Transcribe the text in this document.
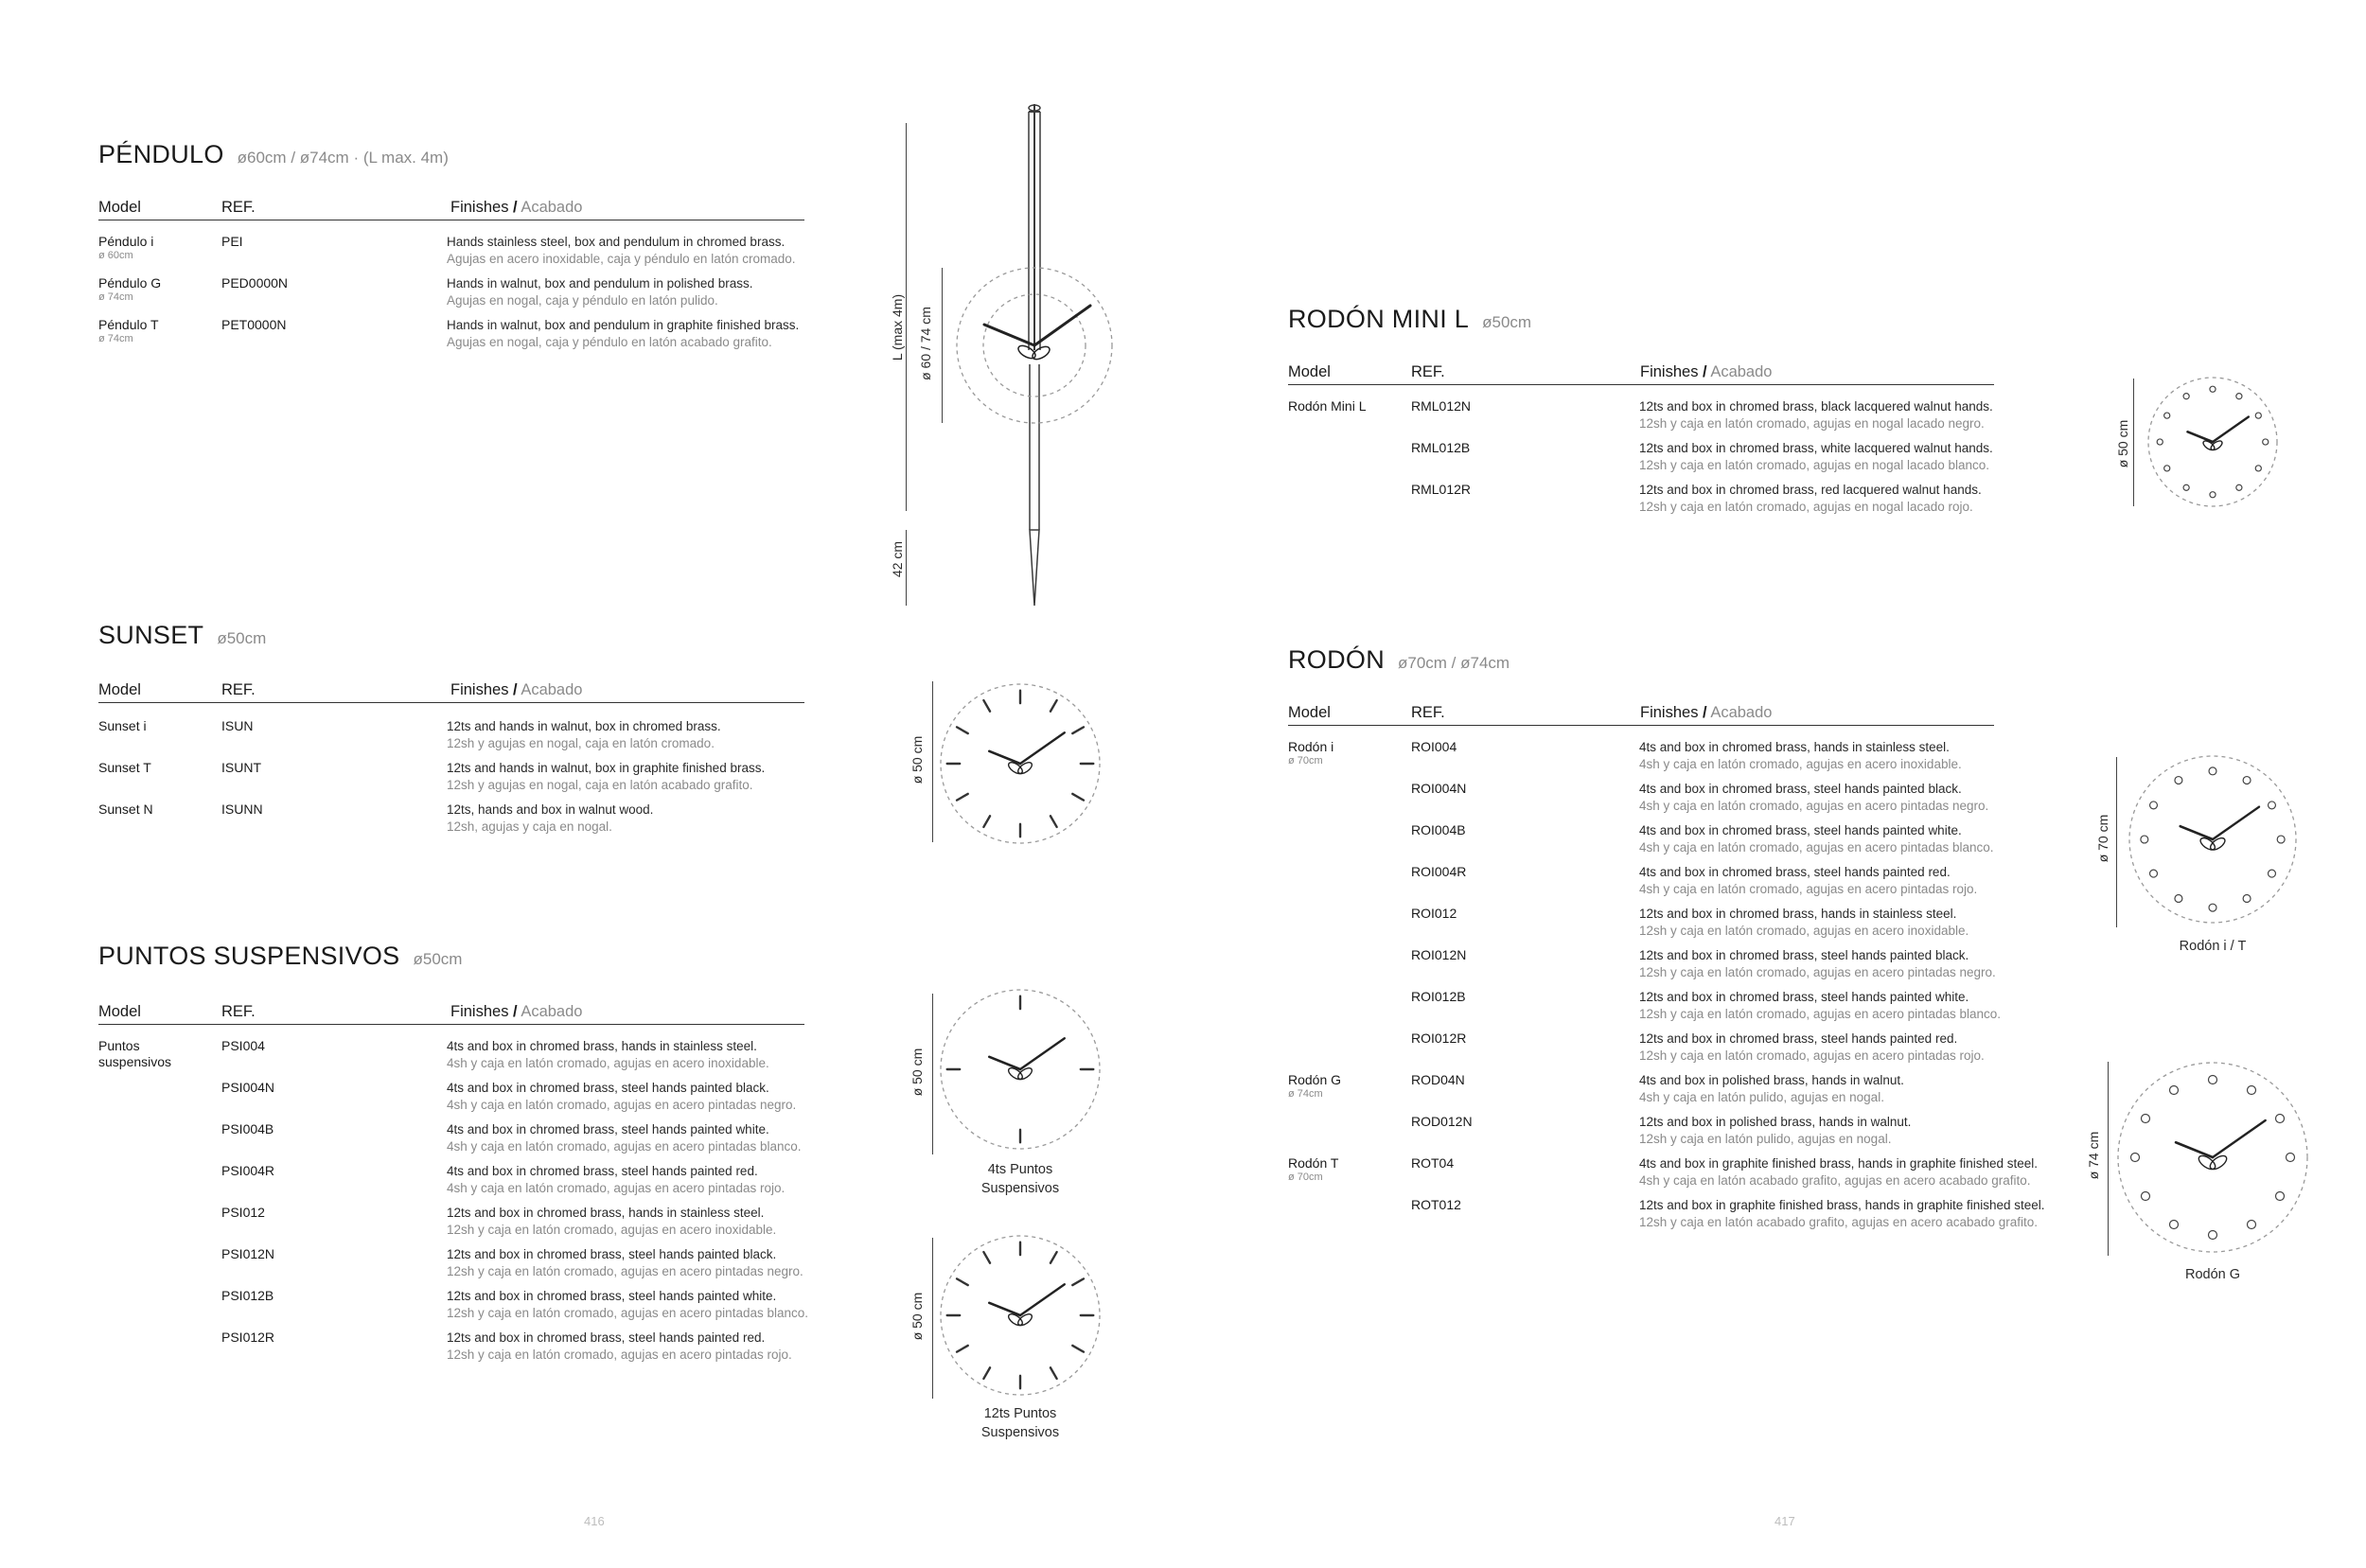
PÉNDULO ø60cm / ø74cm · (L max. 4m)
Model	REF.	Finishes / Acabado
Péndulo i
ø 60cm
PEI	Hands stainless steel, box and pendulum in chromed brass.
Agujas en acero inoxidable, caja y péndulo en latón cromado.
Péndulo G
ø 74cm
PED0000N	Hands in walnut, box and pendulum in polished brass.
Agujas en nogal, caja y péndulo en latón pulido.
Péndulo T
ø 74cm
PET0000N	Hands in walnut, box and pendulum in graphite finished brass.
Agujas en nogal, caja y péndulo en latón acabado grafito.	L (max 4m) ø 60 / 74 cm
42 cm
SUNSET ø50cm
Model	REF.	Finishes / Acabado
Sunset i	ISUN	12ts and hands in walnut, box in chromed brass.
12sh y agujas en nogal, caja en latón cromado.
Sunset T	ISUNT	12ts and hands in walnut, box in graphite finished brass.
12sh y agujas en nogal, caja en latón acabado grafito.
Sunset N	ISUNN	12ts, hands and box in walnut wood.
12sh, agujas y caja en nogal.
ø 50 cm
PUNTOS SUSPENSIVOS ø50cm
Model	REF.	Finishes / Acabado
Puntos suspensivos
PSI004	4ts and box in chromed brass, hands in stainless steel.
4sh y caja en latón cromado, agujas en acero inoxidable.
PSI004N	4ts and box in chromed brass, steel hands painted black.
4sh y caja en latón cromado, agujas en acero pintadas negro.
PSI004B	4ts and box in chromed brass, steel hands painted white.
4sh y caja en latón cromado, agujas en acero pintadas blanco.
PSI004R	4ts and box in chromed brass, steel hands painted red.
4sh y caja en latón cromado, agujas en acero pintadas rojo.
PSI012	12ts and box in chromed brass, hands in stainless steel.
12sh y caja en latón cromado, agujas en acero inoxidable.
PSI012N	12ts and box in chromed brass, steel hands painted black.
12sh y caja en latón cromado, agujas en acero pintadas negro.
PSI012B	12ts and box in chromed brass, steel hands painted white.
12sh y caja en latón cromado, agujas en acero pintadas blanco.
PSI012R	12ts and box in chromed brass, steel hands painted red.
12sh y caja en latón cromado, agujas en acero pintadas rojo.
ø 50 cm
4ts Puntos Suspensivos
ø 50 cm
12ts Puntos Suspensivos
416
RODÓN MINI L ø50cm
Model	REF.	Finishes / Acabado
Rodón Mini L	RML012N	12ts and box in chromed brass, black lacquered walnut hands.
12sh y caja en latón cromado, agujas en nogal lacado negro.
RML012B	12ts and box in chromed brass, white lacquered walnut hands.
12sh y caja en latón cromado, agujas en nogal lacado blanco.
RML012R	12ts and box in chromed brass, red lacquered walnut hands.
12sh y caja en latón cromado, agujas en nogal lacado rojo.
ø 50 cm
RODÓN ø70cm / ø74cm
Model	REF.	Finishes / Acabado
Rodón i
ø 70cm
ROI004	4ts and box in chromed brass, hands in stainless steel.
4sh y caja en latón cromado, agujas en acero inoxidable.
ROI004N	4ts and box in chromed brass, steel hands painted black.
4sh y caja en latón cromado, agujas en acero pintadas negro.
ROI004B	4ts and box in chromed brass, steel hands painted white.
4sh y caja en latón cromado, agujas en acero pintadas blanco.
ROI004R	4ts and box in chromed brass, steel hands painted red.
4sh y caja en latón cromado, agujas en acero pintadas rojo.
ROI012	12ts and box in chromed brass, hands in stainless steel.
12sh y caja en latón cromado, agujas en acero inoxidable.
ROI012N	12ts and box in chromed brass, steel hands painted black.
12sh y caja en latón cromado, agujas en acero pintadas negro.
ROI012B	12ts and box in chromed brass, steel hands painted white.
12sh y caja en latón cromado, agujas en acero pintadas blanco.
ROI012R	12ts and box in chromed brass, steel hands painted red.
12sh y caja en latón cromado, agujas en acero pintadas rojo.
Rodón G
ø 74cm
ROD04N	4ts and box in polished brass, hands in walnut.
4sh y caja en latón pulido, agujas en nogal.
ROD012N	12ts and box in polished brass, hands in walnut.
12sh y caja en latón pulido, agujas en nogal.
Rodón T
ø 70cm
ROT04	4ts and box in graphite finished brass, hands in graphite finished steel.
4sh y caja en latón acabado grafito, agujas en acero acabado grafito.
ROT012	12ts and box in graphite finished brass, hands in graphite finished steel.
12sh y caja en latón acabado grafito, agujas en acero acabado grafito.
ø 70 cm
Rodón i / T
ø 74 cm
Rodón G
417
